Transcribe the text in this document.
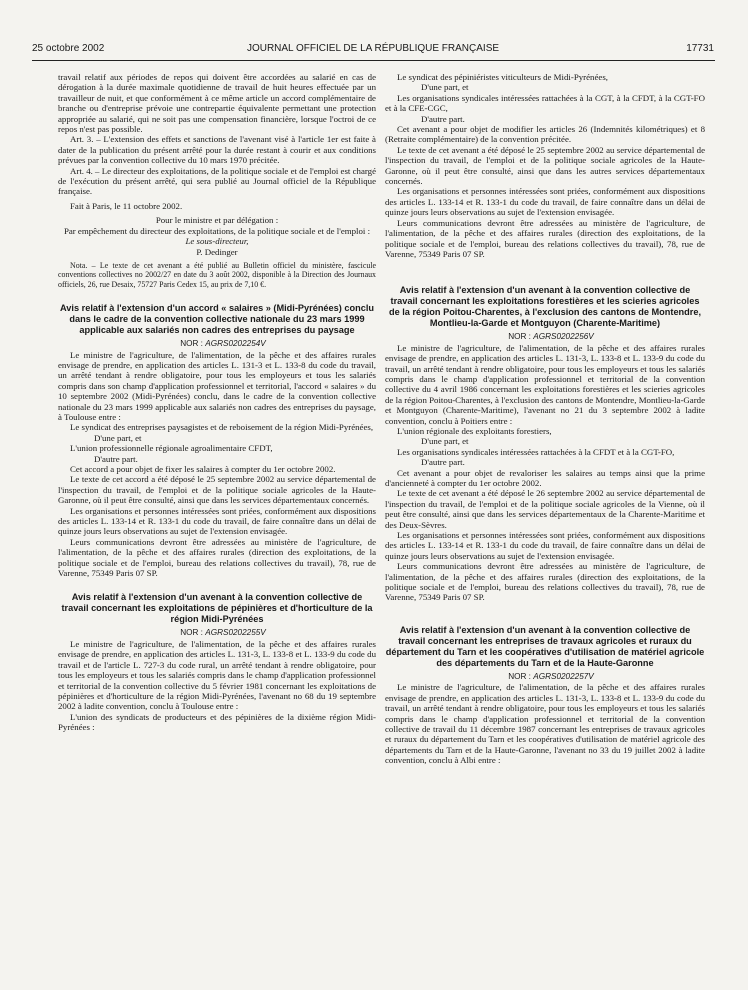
25 octobre 2002	JOURNAL OFFICIEL DE LA RÉPUBLIQUE FRANÇAISE	17731

travail relatif aux périodes de repos qui doivent être accordées au salarié en cas de dérogation à la durée maximale quotidienne de travail de huit heures effectuée par un travailleur de nuit, et que conformément à ce même article un accord complémentaire de branche ou d'entreprise prévoie une contrepartie équivalente permettant une protection appropriée au salarié, qui ne soit pas une compensation financière, lorsque l'octroi de ce repos n'est pas possible.

Art. 3. – L'extension des effets et sanctions de l'avenant visé à l'article 1er est faite à dater de la publication du présent arrêté pour la durée restant à courir et aux conditions prévues par la convention collective du 10 mars 1970 précitée.

Art. 4. – Le directeur des exploitations, de la politique sociale et de l'emploi est chargé de l'exécution du présent arrêté, qui sera publié au Journal officiel de la République française.

Fait à Paris, le 11 octobre 2002.

Pour le ministre et par délégation :

Par empêchement du directeur des exploitations, de la politique sociale et de l'emploi :

Le sous-directeur,

P. Dedinger

Nota. – Le texte de cet avenant a été publié au Bulletin officiel du ministère, fascicule conventions collectives no 2002/27 en date du 3 août 2002, disponible à la Direction des Journaux officiels, 26, rue Desaix, 75727 Paris Cedex 15, au prix de 7,10 €.

Avis relatif à l'extension d'un accord « salaires » (Midi-Pyrénées) conclu dans le cadre de la convention collective nationale du 23 mars 1999 applicable aux salariés non cadres des entreprises du paysage

NOR : AGRS0202254V

Le ministre de l'agriculture, de l'alimentation, de la pêche et des affaires rurales envisage de prendre, en application des articles L. 131-3 et L. 133-8 du code du travail, un arrêté tendant à rendre obligatoire, pour tous les employeurs et tous les salariés compris dans son champ d'application professionnel et territorial, l'accord « salaires » du 10 septembre 2002 (Midi-Pyrénées) conclu, dans le cadre de la convention collective nationale du 23 mars 1999 applicable aux salariés non cadres des entreprises du paysage, à Toulouse entre :

Le syndicat des entreprises paysagistes et de reboisement de la région Midi-Pyrénées,

D'une part, et

L'union professionnelle régionale agroalimentaire CFDT,

D'autre part.

Cet accord a pour objet de fixer les salaires à compter du 1er octobre 2002.

Le texte de cet accord a été déposé le 25 septembre 2002 au service départemental de l'inspection du travail, de l'emploi et de la politique sociale agricoles de la Haute-Garonne, où il peut être consulté, ainsi que dans les services départementaux concernés.

Les organisations et personnes intéressées sont priées, conformément aux dispositions des articles L. 133-14 et R. 133-1 du code du travail, de faire connaître dans un délai de quinze jours leurs observations au sujet de l'extension envisagée.

Leurs communications devront être adressées au ministère de l'agriculture, de l'alimentation, de la pêche et des affaires rurales (direction des exploitations, de la politique sociale et de l'emploi, bureau des relations collectives du travail), 78, rue de Varenne, 75349 Paris 07 SP.

Avis relatif à l'extension d'un avenant à la convention collective de travail concernant les exploitations de pépinières et d'horticulture de la région Midi-Pyrénées

NOR : AGRS0202255V

Le ministre de l'agriculture, de l'alimentation, de la pêche et des affaires rurales envisage de prendre, en application des articles L. 131-3, L. 133-8 et L. 133-9 du code du travail et de l'article L. 727-3 du code rural, un arrêté tendant à rendre obligatoire, pour tous les employeurs et tous les salariés compris dans le champ d'application professionnel et territorial de la convention collective du 5 février 1981 concernant les exploitations de pépinières et d'horticulture de la région Midi-Pyrénées, l'avenant no 68 du 19 septembre 2002 à ladite convention, conclu à Toulouse entre :

L'union des syndicats de producteurs et des pépinières de la dixième région Midi-Pyrénées :

Le syndicat des pépiniéristes viticulteurs de Midi-Pyrénées,

D'une part, et

Les organisations syndicales intéressées rattachées à la CGT, à la CFDT, à la CGT-FO et à la CFE-CGC,

D'autre part.

Cet avenant a pour objet de modifier les articles 26 (Indemnités kilométriques) et 8 (Retraite complémentaire) de la convention précitée.

Le texte de cet avenant a été déposé le 25 septembre 2002 au service départemental de l'inspection du travail, de l'emploi et de la politique sociale agricoles de la Haute-Garonne, où il peut être consulté, ainsi que dans les autres services départementaux concernés.

Les organisations et personnes intéressées sont priées, conformément aux dispositions des articles L. 133-14 et R. 133-1 du code du travail, de faire connaître dans un délai de quinze jours leurs observations au sujet de l'extension envisagée.

Leurs communications devront être adressées au ministère de l'agriculture, de l'alimentation, de la pêche et des affaires rurales (direction des exploitations, de la politique sociale et de l'emploi, bureau des relations collectives du travail), 78, rue de Varenne, 75349 Paris 07 SP.

Avis relatif à l'extension d'un avenant à la convention collective de travail concernant les exploitations forestières et les scieries agricoles de la région Poitou-Charentes, à l'exclusion des cantons de Montendre, Montlieu-la-Garde et Montguyon (Charente-Maritime)

NOR : AGRS0202256V

Le ministre de l'agriculture, de l'alimentation, de la pêche et des affaires rurales envisage de prendre, en application des articles L. 131-3, L. 133-8 et L. 133-9 du code du travail, un arrêté tendant à rendre obligatoire, pour tous les employeurs et tous les salariés compris dans le champ d'application professionnel et territorial de la convention collective du 4 avril 1986 concernant les exploitations forestières et les scieries agricoles de la région Poitou-Charentes, à l'exclusion des cantons de Montendre, Montlieu-la-Garde et Montguyon (Charente-Maritime), l'avenant no 21 du 3 septembre 2002 à ladite convention, conclu à Poitiers entre :

L'union régionale des exploitants forestiers,

D'une part, et

Les organisations syndicales intéressées rattachées à la CFDT et à la CGT-FO,

D'autre part.

Cet avenant a pour objet de revaloriser les salaires au temps ainsi que la prime d'ancienneté à compter du 1er octobre 2002.

Le texte de cet avenant a été déposé le 26 septembre 2002 au service départemental de l'inspection du travail, de l'emploi et de la politique sociale agricoles de la Vienne, où il peut être consulté, ainsi que dans les services départementaux de la Charente-Maritime et des Deux-Sèvres.

Les organisations et personnes intéressées sont priées, conformément aux dispositions des articles L. 133-14 et R. 133-1 du code du travail, de faire connaître dans un délai de quinze jours leurs observations au sujet de l'extension envisagée.

Leurs communications devront être adressées au ministère de l'agriculture, de l'alimentation, de la pêche et des affaires rurales (direction des exploitations, de la politique sociale et de l'emploi, bureau des relations collectives du travail), 78, rue de Varenne, 75349 Paris 07 SP.

Avis relatif à l'extension d'un avenant à la convention collective de travail concernant les entreprises de travaux agricoles et ruraux du département du Tarn et les coopératives d'utilisation de matériel agricole des départements du Tarn et de la Haute-Garonne

NOR : AGRS0202257V

Le ministre de l'agriculture, de l'alimentation, de la pêche et des affaires rurales envisage de prendre, en application des articles L. 131-3, L. 133-8 et L. 133-9 du code du travail, un arrêté tendant à rendre obligatoire, pour tous les employeurs et tous les salariés compris dans le champ d'application professionnel et territorial de la convention collective de travail du 11 décembre 1987 concernant les entreprises de travaux agricoles et ruraux du département du Tarn et les coopératives d'utilisation de matériel agricole des départements du Tarn et de la Haute-Garonne, l'avenant no 33 du 19 juillet 2002 à ladite convention, conclu à Albi entre :
